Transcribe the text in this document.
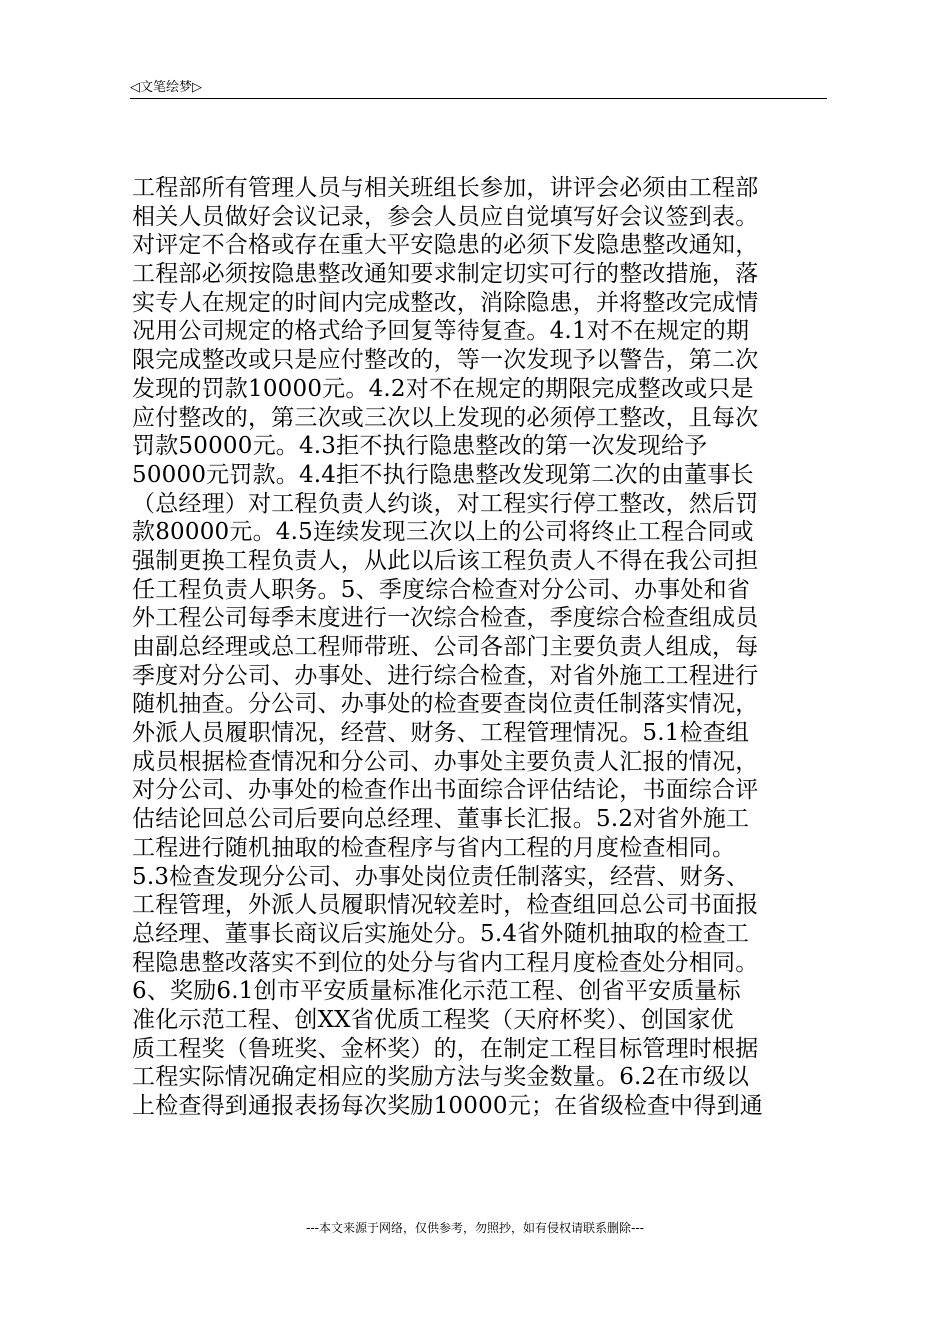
◁文笔绘梦▷
工程部所有管理人员与相关班组长参加，讲评会必须由工程部
相关人员做好会议记录，参会人员应自觉填写好会议签到表。
对评定不合格或存在重大平安隐患的必须下发隐患整改通知，
工程部必须按隐患整改通知要求制定切实可行的整改措施，落
实专人在规定的时间内完成整改，消除隐患，并将整改完成情
况用公司规定的格式给予回复等待复查。4.1对不在规定的期
限完成整改或只是应付整改的，等一次发现予以警告，第二次
发现的罚款10000元。4.2对不在规定的期限完成整改或只是
应付整改的，第三次或三次以上发现的必须停工整改，且每次
罚款50000元。4.3拒不执行隐患整改的第一次发现给予
50000元罚款。4.4拒不执行隐患整改发现第二次的由董事长
（总经理）对工程负责人约谈，对工程实行停工整改，然后罚
款80000元。4.5连续发现三次以上的公司将终止工程合同或
强制更换工程负责人，从此以后该工程负责人不得在我公司担
任工程负责人职务。5、季度综合检查对分公司、办事处和省
外工程公司每季末度进行一次综合检查，季度综合检查组成员
由副总经理或总工程师带班、公司各部门主要负责人组成，每
季度对分公司、办事处、进行综合检查，对省外施工工程进行
随机抽查。分公司、办事处的检查要查岗位责任制落实情况，
外派人员履职情况，经营、财务、工程管理情况。5.1检查组
成员根据检查情况和分公司、办事处主要负责人汇报的情况，
对分公司、办事处的检查作出书面综合评估结论，书面综合评
估结论回总公司后要向总经理、董事长汇报。5.2对省外施工
工程进行随机抽取的检查程序与省内工程的月度检查相同。
5.3检查发现分公司、办事处岗位责任制落实，经营、财务、
工程管理，外派人员履职情况较差时，检查组回总公司书面报
总经理、董事长商议后实施处分。5.4省外随机抽取的检查工
程隐患整改落实不到位的处分与省内工程月度检查处分相同。
6、奖励6.1创市平安质量标准化示范工程、创省平安质量标
准化示范工程、创XX省优质工程奖（天府杯奖）、创国家优
质工程奖（鲁班奖、金杯奖）的，在制定工程目标管理时根据
工程实际情况确定相应的奖励方法与奖金数量。6.2在市级以
上检查得到通报表扬每次奖励10000元；在省级检查中得到通
---本文来源于网络，仅供参考，勿照抄，如有侵权请联系删除---
